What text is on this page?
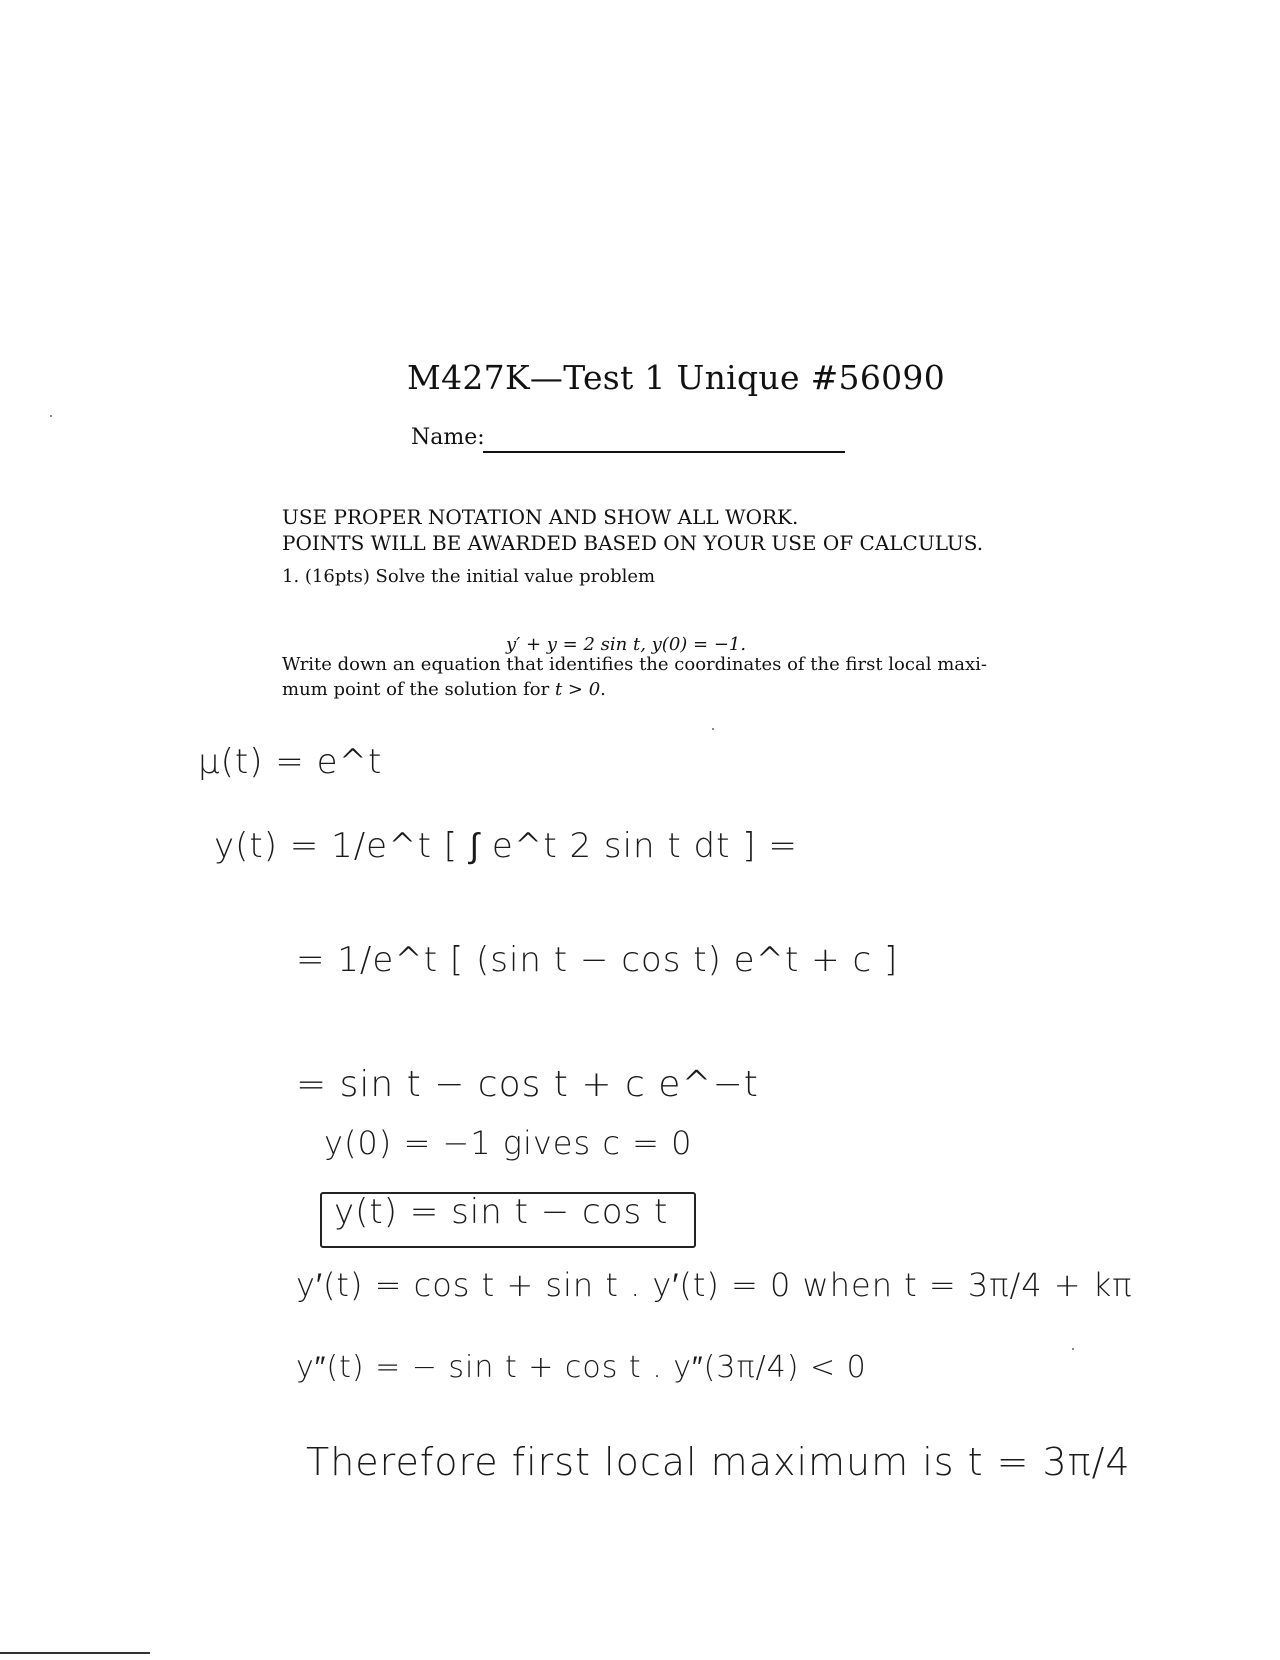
M427K—Test 1 Unique #56090
Name:
USE PROPER NOTATION AND SHOW ALL WORK.
POINTS WILL BE AWARDED BASED ON YOUR USE OF CALCULUS.
1. (16pts) Solve the initial value problem
y′ + y = 2 sin t, y(0) = −1.
Write down an equation that identifies the coordinates of the first local maxi- mum point of the solution for t > 0.
μ(t) = e^t
y(t) = 1/e^t [ ∫ e^t 2 sin t dt ] =
= 1/e^t [ (sin t − cos t) e^t + c ]
= sin t − cos t + c e^−t
y(0) = −1 gives c = 0
y(t) = sin t − cos t
y′(t) = cos t + sin t . y′(t) = 0 when t = 3π/4 + kπ
y″(t) = − sin t + cos t . y″(3π/4) < 0
Therefore first local maximum is t = 3π/4
